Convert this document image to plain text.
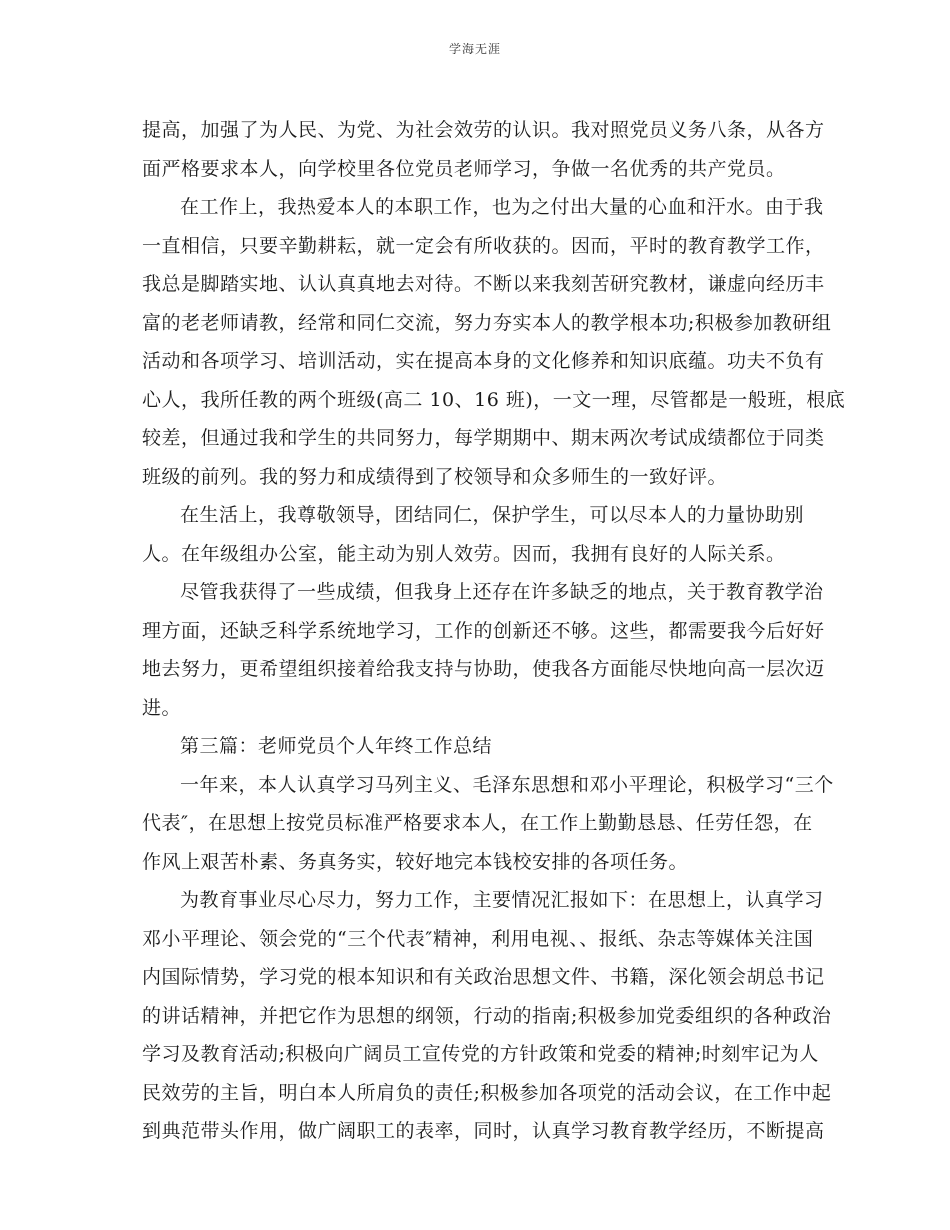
学海无涯
提高，加强了为人民、为党、为社会效劳的认识。我对照党员义务八条，从各方
面严格要求本人，向学校里各位党员老师学习，争做一名优秀的共产党员。
在工作上，我热爱本人的本职工作，也为之付出大量的心血和汗水。由于我
一直相信，只要辛勤耕耘，就一定会有所收获的。因而，平时的教育教学工作，
我总是脚踏实地、认认真真地去对待。不断以来我刻苦研究教材，谦虚向经历丰
富的老老师请教，经常和同仁交流，努力夯实本人的教学根本功;积极参加教研组
活动和各项学习、培训活动，实在提高本身的文化修养和知识底蕴。功夫不负有
心人，我所任教的两个班级(高二 10、16 班)，一文一理，尽管都是一般班，根底
较差，但通过我和学生的共同努力，每学期期中、期末两次考试成绩都位于同类
班级的前列。我的努力和成绩得到了校领导和众多师生的一致好评。
在生活上，我尊敬领导，团结同仁，保护学生，可以尽本人的力量协助别
人。在年级组办公室，能主动为别人效劳。因而，我拥有良好的人际关系。
尽管我获得了一些成绩，但我身上还存在许多缺乏的地点，关于教育教学治
理方面，还缺乏科学系统地学习，工作的创新还不够。这些，都需要我今后好好
地去努力，更希望组织接着给我支持与协助，使我各方面能尽快地向高一层次迈
进。
第三篇：老师党员个人年终工作总结
一年来，本人认真学习马列主义、毛泽东思想和邓小平理论，积极学习“三个
代表″，在思想上按党员标准严格要求本人，在工作上勤勤恳恳、任劳任怨，在
作风上艰苦朴素、务真务实，较好地完本钱校安排的各项任务。
为教育事业尽心尽力，努力工作，主要情况汇报如下：在思想上，认真学习
邓小平理论、领会党的“三个代表″精神，利用电视、、报纸、杂志等媒体关注国
内国际情势，学习党的根本知识和有关政治思想文件、书籍，深化领会胡总书记
的讲话精神，并把它作为思想的纲领，行动的指南;积极参加党委组织的各种政治
学习及教育活动;积极向广阔员工宣传党的方针政策和党委的精神;时刻牢记为人
民效劳的主旨，明白本人所肩负的责任;积极参加各项党的活动会议，在工作中起
到典范带头作用，做广阔职工的表率，同时，认真学习教育教学经历，不断提高
